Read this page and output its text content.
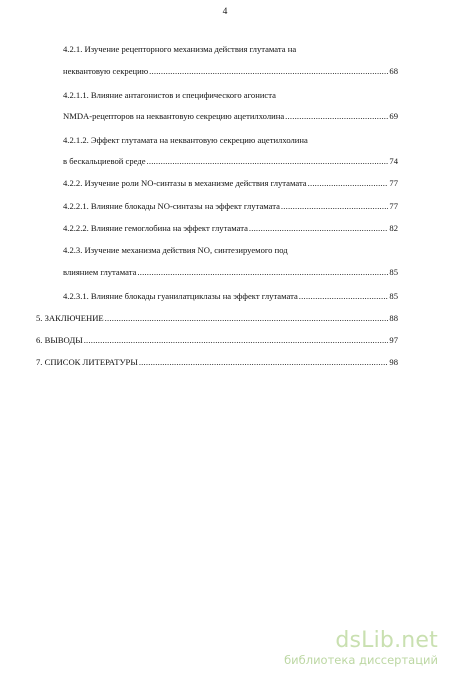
4
4.2.1. Изучение рецепторного механизма действия глутамата на
неквантовую секрецию .....	68
4.2.1.1. Влияние антагонистов и специфического агониста
NMDA-рецепторов на неквантовую секрецию ацетилхолина .....	69
4.2.1.2. Эффект глутамата на неквантовую секрецию ацетилхолина
в бескальциевой среде .....	74
4.2.2. Изучение роли NO-синтазы в механизме действия глутамата .....	77
4.2.2.1. Влияние блокады NO-синтазы на эффект глутамата .....	77
4.2.2.2. Влияние гемоглобина на эффект глутамата .....	82
4.2.3. Изучение механизма действия NO, синтезируемого под
влиянием глутамата .....	85
4.2.3.1. Влияние блокады гуанилатциклазы на эффект глутамата .....	85
5. ЗАКЛЮЧЕНИЕ .....	88
6. ВЫВОДЫ .....	97
7. СПИСОК ЛИТЕРАТУРЫ .....	98
dsLib.net
библиотека диссертаций
